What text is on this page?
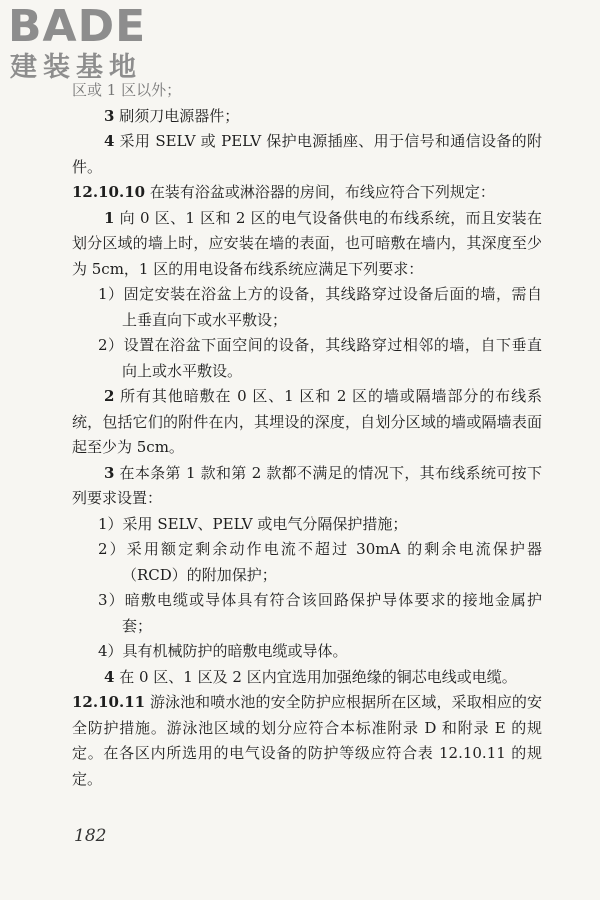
BADE
建装基地

区或 1 区以外；

3 刷须刀电源器件；

4 采用 SELV 或 PELV 保护电源插座、用于信号和通信设备的附件。

12.10.10 在装有浴盆或淋浴器的房间，布线应符合下列规定：

1 向 0 区、1 区和 2 区的电气设备供电的布线系统，而且安装在划分区域的墙上时，应安装在墙的表面，也可暗敷在墙内，其深度至少为 5cm，1 区的用电设备布线系统应满足下列要求：

1）固定安装在浴盆上方的设备，其线路穿过设备后面的墙，需自上垂直向下或水平敷设；

2）设置在浴盆下面空间的设备，其线路穿过相邻的墙，自下垂直向上或水平敷设。

2 所有其他暗敷在 0 区、1 区和 2 区的墙或隔墙部分的布线系统，包括它们的附件在内，其埋设的深度，自划分区域的墙或隔墙表面起至少为 5cm。

3 在本条第 1 款和第 2 款都不满足的情况下，其布线系统可按下列要求设置：

1）采用 SELV、PELV 或电气分隔保护措施；

2）采用额定剩余动作电流不超过 30mA 的剩余电流保护器（RCD）的附加保护；

3）暗敷电缆或导体具有符合该回路保护导体要求的接地金属护套；

4）具有机械防护的暗敷电缆或导体。

4 在 0 区、1 区及 2 区内宜选用加强绝缘的铜芯电线或电缆。

12.10.11 游泳池和喷水池的安全防护应根据所在区域，采取相应的安全防护措施。游泳池区域的划分应符合本标准附录 D 和附录 E 的规定。在各区内所选用的电气设备的防护等级应符合表 12.10.11 的规定。

182
